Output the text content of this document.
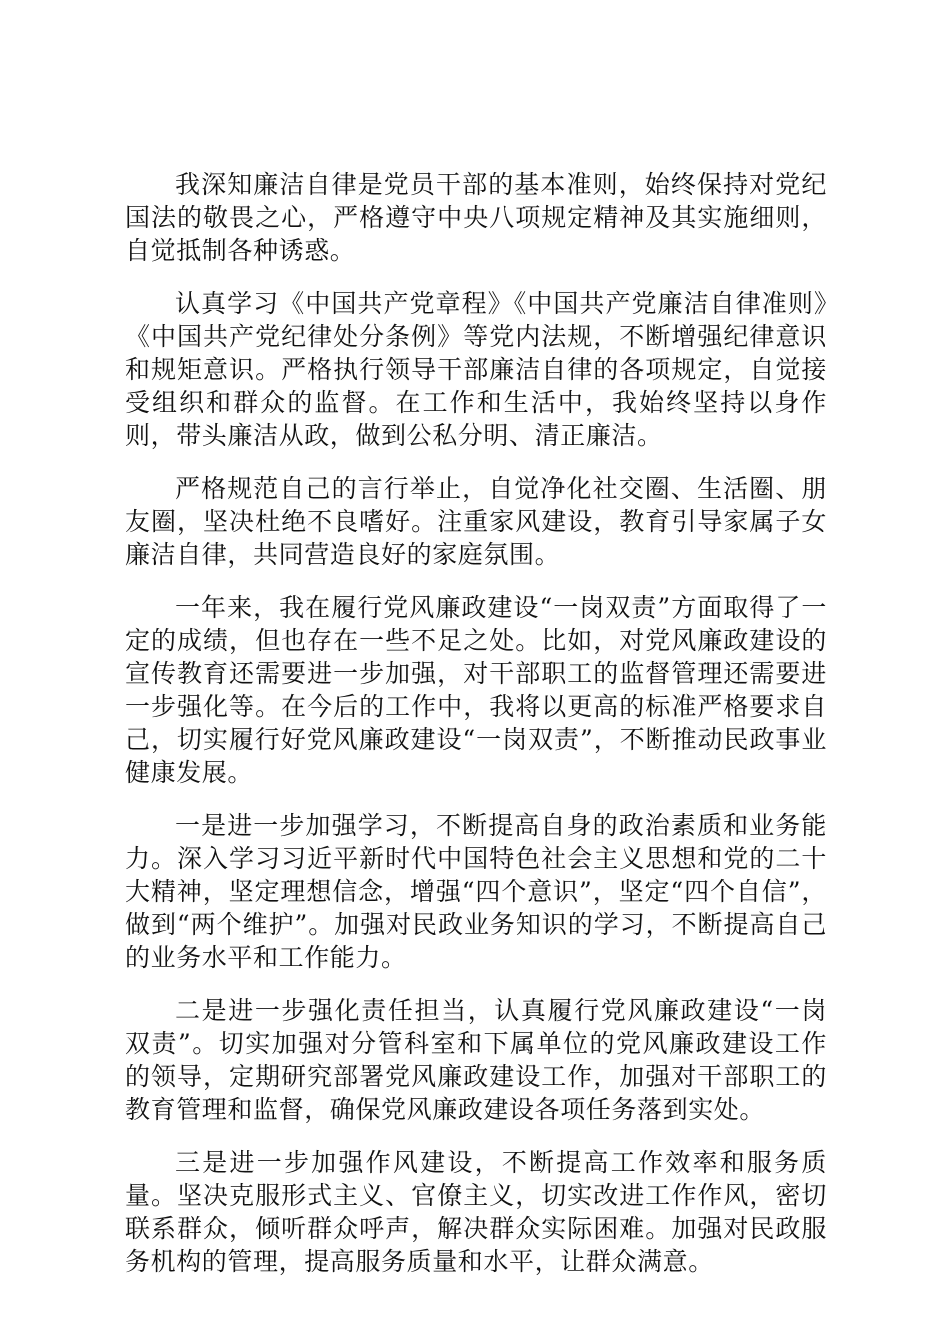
我深知廉洁自律是党员干部的基本准则，始终保持对党纪国法的敬畏之心，严格遵守中央八项规定精神及其实施细则，自觉抵制各种诱惑。

认真学习《中国共产党章程》《中国共产党廉洁自律准则》《中国共产党纪律处分条例》等党内法规，不断增强纪律意识和规矩意识。严格执行领导干部廉洁自律的各项规定，自觉接受组织和群众的监督。在工作和生活中，我始终坚持以身作则，带头廉洁从政，做到公私分明、清正廉洁。

严格规范自己的言行举止，自觉净化社交圈、生活圈、朋友圈，坚决杜绝不良嗜好。注重家风建设，教育引导家属子女廉洁自律，共同营造良好的家庭氛围。

一年来，我在履行党风廉政建设“一岗双责”方面取得了一定的成绩，但也存在一些不足之处。比如，对党风廉政建设的宣传教育还需要进一步加强，对干部职工的监督管理还需要进一步强化等。在今后的工作中，我将以更高的标准严格要求自己，切实履行好党风廉政建设“一岗双责”，不断推动民政事业健康发展。

一是进一步加强学习，不断提高自身的政治素质和业务能力。深入学习习近平新时代中国特色社会主义思想和党的二十大精神，坚定理想信念，增强“四个意识”，坚定“四个自信”，做到“两个维护”。加强对民政业务知识的学习，不断提高自己的业务水平和工作能力。

二是进一步强化责任担当，认真履行党风廉政建设“一岗双责”。切实加强对分管科室和下属单位的党风廉政建设工作的领导，定期研究部署党风廉政建设工作，加强对干部职工的教育管理和监督，确保党风廉政建设各项任务落到实处。

三是进一步加强作风建设，不断提高工作效率和服务质量。坚决克服形式主义、官僚主义，切实改进工作作风，密切联系群众，倾听群众呼声，解决群众实际困难。加强对民政服务机构的管理，提高服务质量和水平，让群众满意。
